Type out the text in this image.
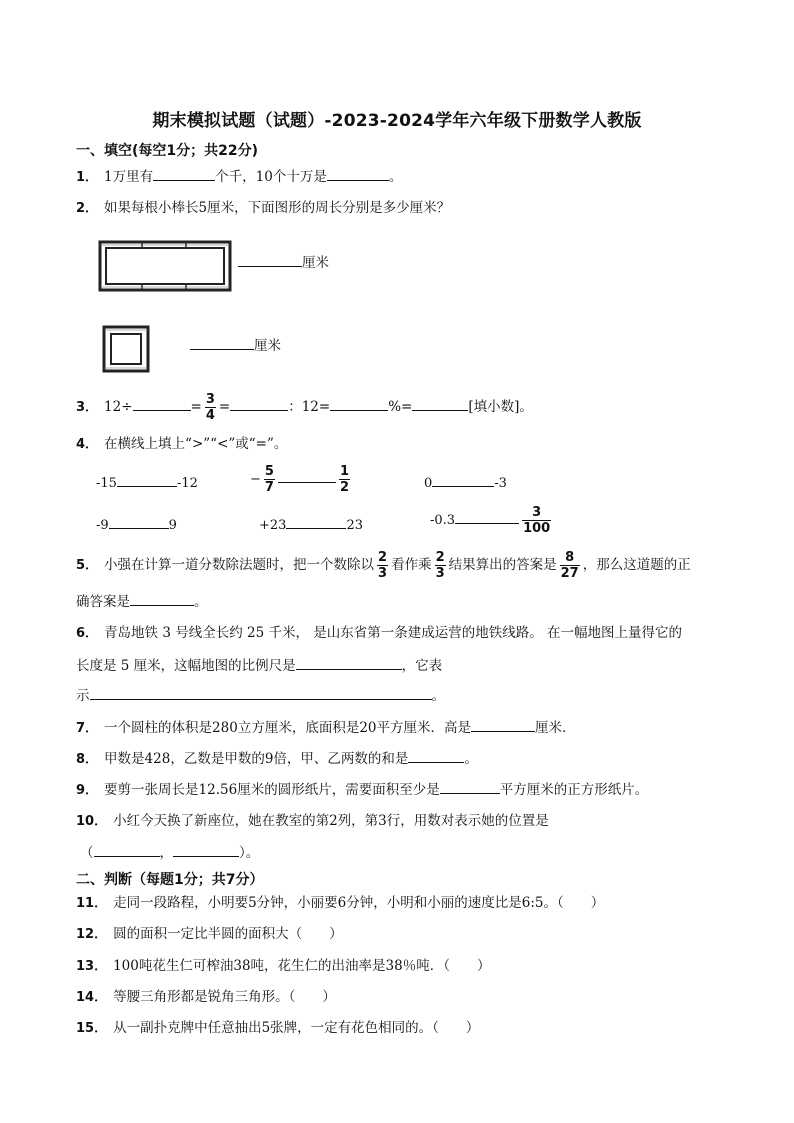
期末模拟试题（试题）-2023-2024学年六年级下册数学人教版
一、填空(每空1分；共22分)
1． 1万里有	个千，10个十万是	。
2． 如果每根小棒长5厘米，下面图形的周长分别是多少厘米？
厘米
厘米
3． 12÷	= $\frac{3}{4}$ =	：12=	%=	[填小数]。
4． 在横线上填上“>”“<”或“=”。
-15	-12	− $\frac{5}{7}$	$\frac{1}{2}$	0	-3
-9	9	+23	23	-0.3	$\frac{3}{100}$
5． 小强在计算一道分数除法题时，把一个数除以 $\frac{2}{3}$ 看作乘 $\frac{2}{3}$ 结果算出的答案是 $\frac{8}{27}$ ，那么这道题的正
确答案是	。
6． 青岛地铁 3 号线全长约 25 千米， 是山东省第一条建成运营的地铁线路。 在一幅地图上量得它的
长度是 5 厘米，这幅地图的比例尺是	，它表
示	。
7． 一个圆柱的体积是280立方厘米，底面积是20平方厘米．高是	厘米．
8． 甲数是428，乙数是甲数的9倍，甲、乙两数的和是	。
9． 要剪一张周长是12.56厘米的圆形纸片，需要面积至少是	平方厘米的正方形纸片。
10． 小红今天换了新座位，她在教室的第2列，第3行，用数对表示她的位置是
（	，	）。
二、判断（每题1分；共7分）
11． 走同一段路程，小明要5分钟，小丽要6分钟，小明和小丽的速度比是6:5。（　　）
12． 圆的面积一定比半圆的面积大（　　）
13． 100吨花生仁可榨油38吨，花生仁的出油率是38％吨．（　　）
14． 等腰三角形都是锐角三角形。（　　）
15． 从一副扑克牌中任意抽出5张牌，一定有花色相同的。（　　）
